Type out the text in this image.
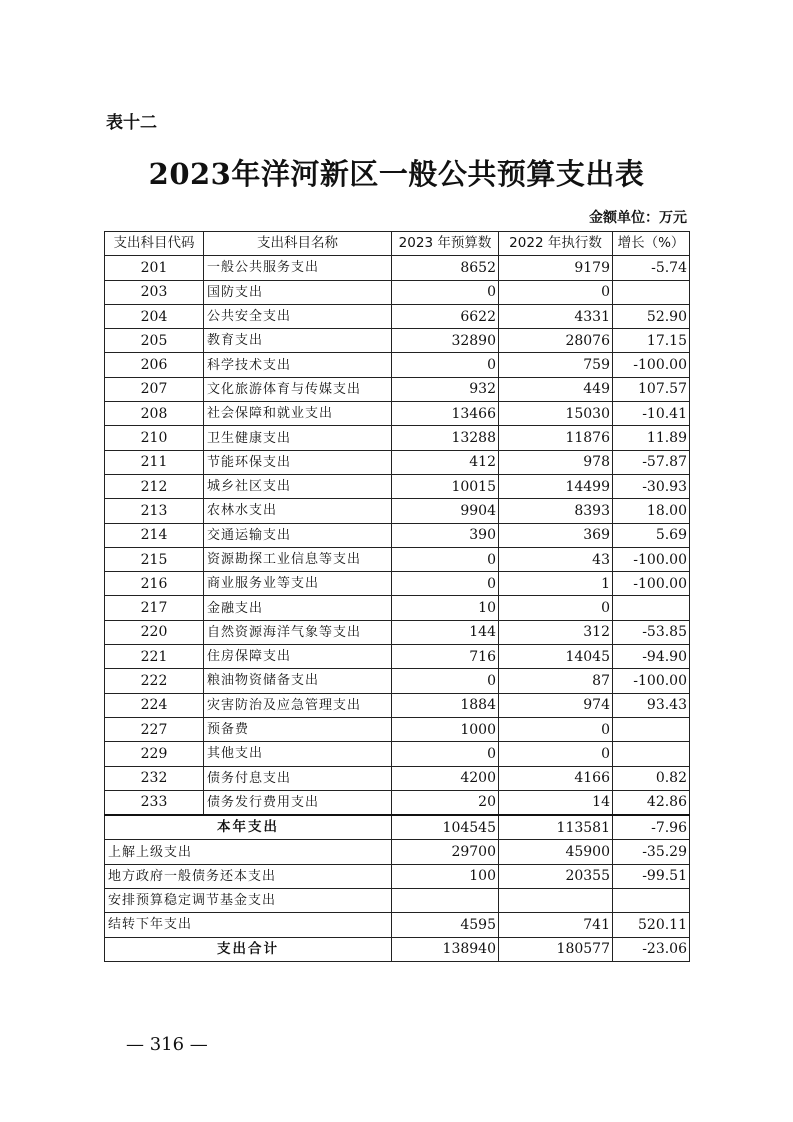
表十二
2023年洋河新区一般公共预算支出表
金额单位：万元
支出科目代码	支出科目名称	2023 年预算数	2022 年执行数	增长（%）
201	一般公共服务支出	8652	9179	-5.74
203	国防支出	0	0	
204	公共安全支出	6622	4331	52.90
205	教育支出	32890	28076	17.15
206	科学技术支出	0	759	-100.00
207	文化旅游体育与传媒支出	932	449	107.57
208	社会保障和就业支出	13466	15030	-10.41
210	卫生健康支出	13288	11876	11.89
211	节能环保支出	412	978	-57.87
212	城乡社区支出	10015	14499	-30.93
213	农林水支出	9904	8393	18.00
214	交通运输支出	390	369	5.69
215	资源勘探工业信息等支出	0	43	-100.00
216	商业服务业等支出	0	1	-100.00
217	金融支出	10	0	
220	自然资源海洋气象等支出	144	312	-53.85
221	住房保障支出	716	14045	-94.90
222	粮油物资储备支出	0	87	-100.00
224	灾害防治及应急管理支出	1884	974	93.43
227	预备费	1000	0	
229	其他支出	0	0	
232	债务付息支出	4200	4166	0.82
233	债务发行费用支出	20	14	42.86
本年支出		104545	113581	-7.96
上解上级支出		29700	45900	-35.29
地方政府一般债务还本支出		100	20355	-99.51
安排预算稳定调节基金支出				
结转下年支出		4595	741	520.11
支出合计		138940	180577	-23.06
— 316 —
